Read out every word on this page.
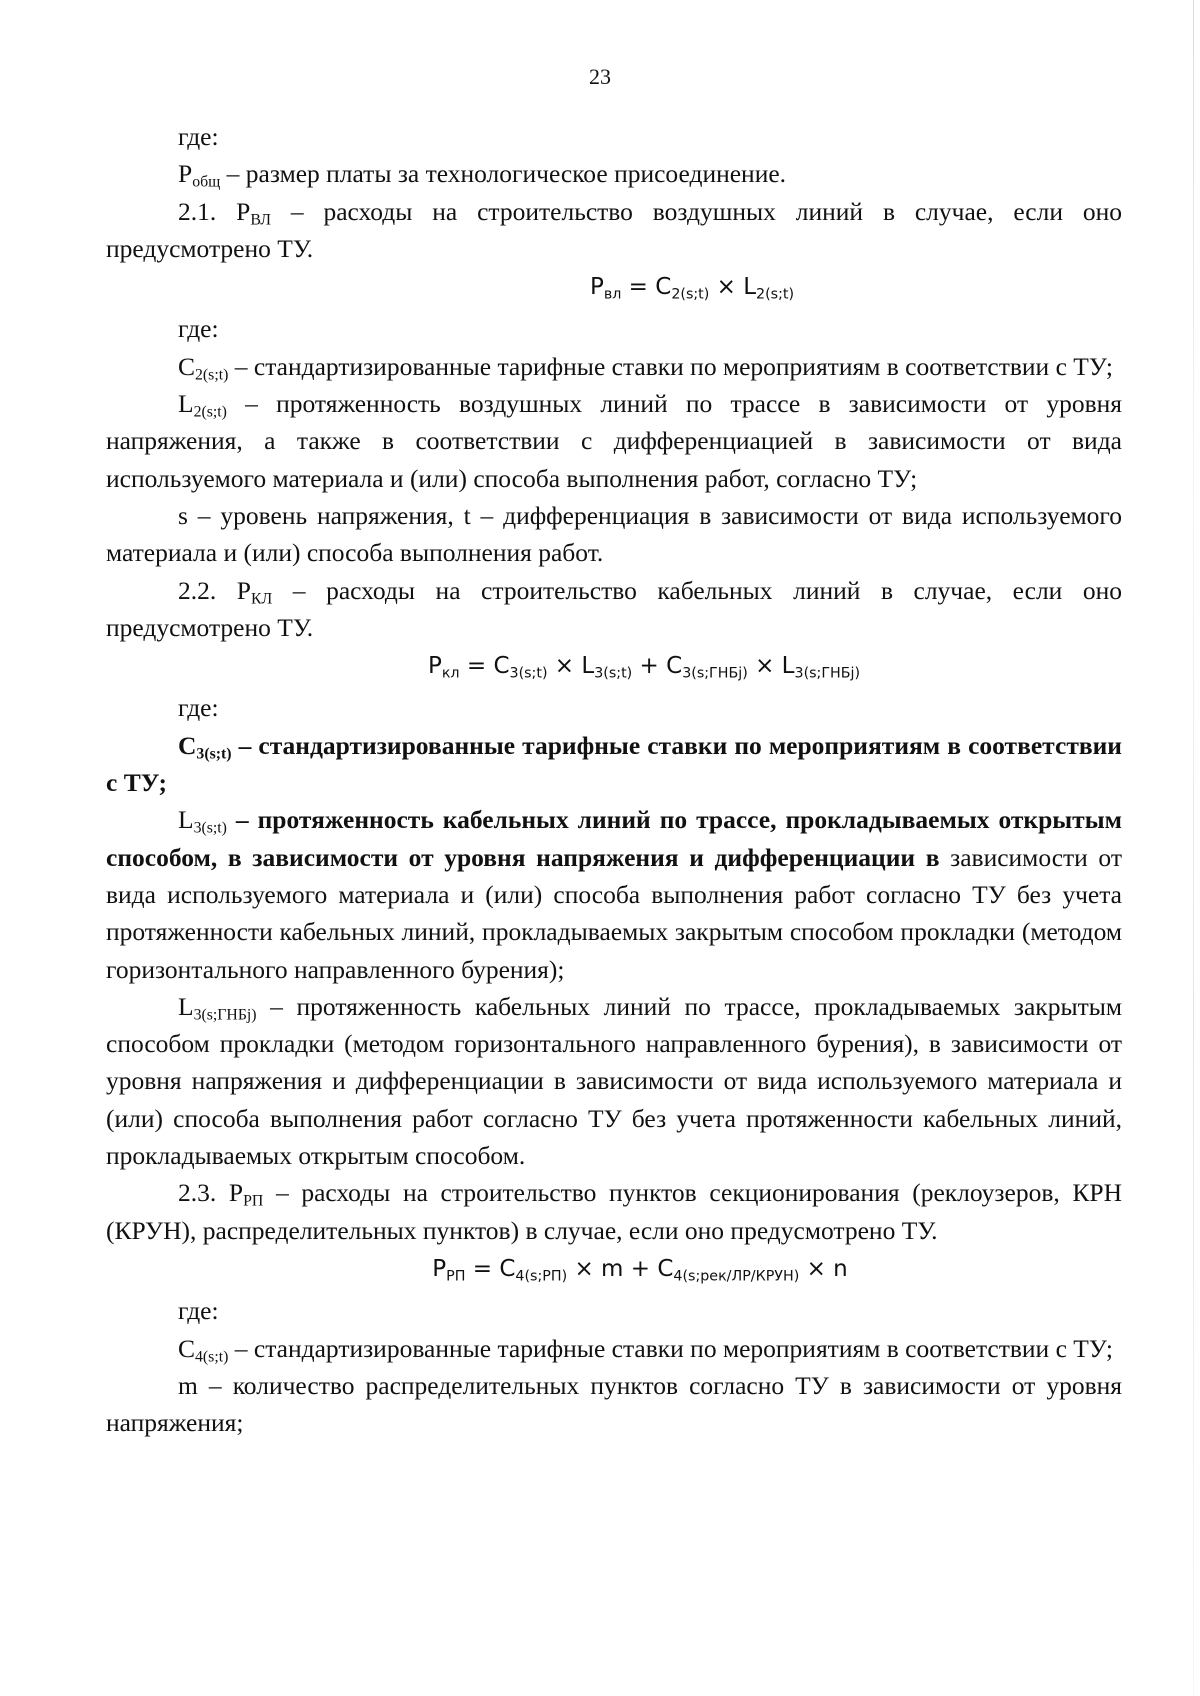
23

где:

$P_{общ}$ – размер платы за технологическое присоединение.

2.1. $P_{ВЛ}$ – расходы на строительство воздушных линий в случае, если оно предусмотрено ТУ.

$P_{вл} = C_{2(s;t)} \times L_{2(s;t)}$

где:

$C_{2(s;t)}$ – стандартизированные тарифные ставки по мероприятиям в соответствии с ТУ;

$L_{2(s;t)}$ – протяженность воздушных линий по трассе в зависимости от уровня напряжения, а также в соответствии с дифференциацией в зависимости от вида используемого материала и (или) способа выполнения работ, согласно ТУ;

s – уровень напряжения, t – дифференциация в зависимости от вида используемого материала и (или) способа выполнения работ.

2.2. $P_{КЛ}$ – расходы на строительство кабельных линий в случае, если оно предусмотрено ТУ.

$P_{кл} = C_{3(s;t)} \times L_{3(s;t)} + C_{3(s;ГНБj)} \times L_{3(s;ГНБj)}$

где:

$C_{3(s;t)}$ – стандартизированные тарифные ставки по мероприятиям в соответствии с ТУ;

$L_{3(s;t)}$ – протяженность кабельных линий по трассе, прокладываемых открытым способом, в зависимости от уровня напряжения и дифференциации в зависимости от вида используемого материала и (или) способа выполнения работ согласно ТУ без учета протяженности кабельных линий, прокладываемых закрытым способом прокладки (методом горизонтального направленного бурения);

$L_{3(s;ГНБj)}$ – протяженность кабельных линий по трассе, прокладываемых закрытым способом прокладки (методом горизонтального направленного бурения), в зависимости от уровня напряжения и дифференциации в зависимости от вида используемого материала и (или) способа выполнения работ согласно ТУ без учета протяженности кабельных линий, прокладываемых открытым способом.

2.3. $P_{РП}$ – расходы на строительство пунктов секционирования (реклоузеров, КРН (КРУН), распределительных пунктов) в случае, если оно предусмотрено ТУ.

$P_{РП} = C_{4(s;РП)} \times m + C_{4(s;рек/ЛР/КРУН)} \times n$

где:

$C_{4(s;t)}$ – стандартизированные тарифные ставки по мероприятиям в соответствии с ТУ;

m – количество распределительных пунктов согласно ТУ в зависимости от уровня напряжения;
